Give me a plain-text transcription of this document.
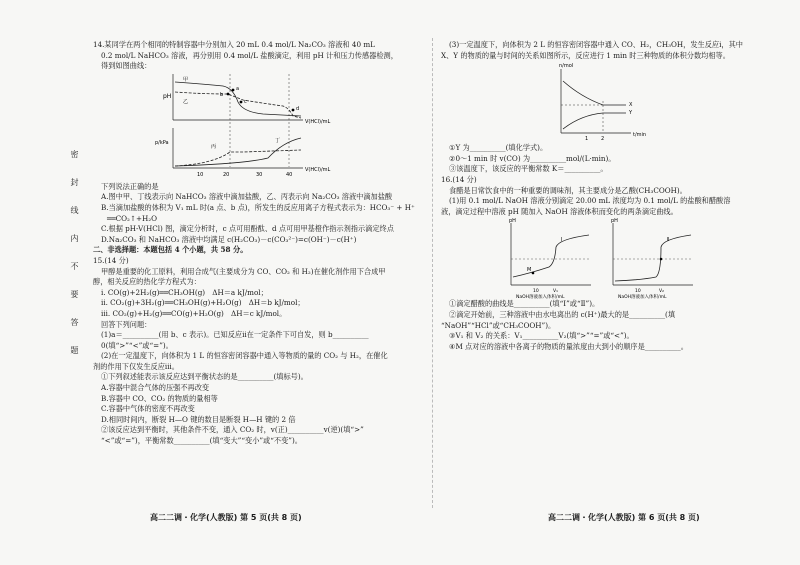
密　封　线　内　不　要　答　题

14.某同学在两个相同的特制容器中分别加入 20 mL 0.4 mol/L Na₂CO₃ 溶液和 40 mL

0.2 mol/L NaHCO₃ 溶液，再分别用 0.4 mol/L 盐酸滴定，利用 pH 计和压力传感器检测，

得到如图曲线：

pH
V(HCl)/mL
甲
乙
a
b
c
d
p/kPa
V(HCl)/mL
丙
丁
10	20	30	40

下列说法正确的是

A.图中甲、丁线表示向 NaHCO₃ 溶液中滴加盐酸，乙、丙表示向 Na₂CO₃ 溶液中滴加盐酸

B.当滴加盐酸的体积为 V₁ mL 时(a 点、b 点)，所发生的反应用离子方程式表示为：HCO₃⁻ + H⁺

══CO₂↑+H₂O

C.根据 pH-V(HCl) 图，滴定分析时，c 点可用酚酞、d 点可用甲基橙作指示剂指示滴定终点

D.Na₂CO₃ 和 NaHCO₃ 溶液中均满足 c(H₂CO₃)－c(CO₃²⁻)=c(OH⁻)－c(H⁺)

二、非选择题：本题包括 4 个小题，共 58 分。

15.(14 分)

甲醇是重要的化工原料，利用合成气(主要成分为 CO、CO₂ 和 H₂)在催化剂作用下合成甲

醇，相关反应的热化学方程式为：

ⅰ. CO(g)+2H₂(g)══CH₃OH(g)　ΔH＝a kJ/mol；

ⅱ. CO₂(g)+3H₂(g)══CH₃OH(g)+H₂O(g)　ΔH＝b kJ/mol；

ⅲ. CO₂(g)+H₂(g)══CO(g)+H₂O(g)　ΔH＝c kJ/mol。

回答下列问题：

(1)a＝__________(用 b、c 表示)。已知反应ⅱ在一定条件下可自发，则 b__________

0(填“>”“<”或“=”)。

(2)在一定温度下，向体积为 1 L 的恒容密闭容器中通入等物质的量的 CO₂ 与 H₂，在催化

剂的作用下仅发生反应ⅲ。

①下列叙述能表示该反应达到平衡状态的是__________(填标号)。

A.容器中混合气体的压强不再改变

B.容器中 CO、CO₂ 的物质的量相等

C.容器中气体的密度不再改变

D.相同时间内，断裂 H—O 键的数目是断裂 H—H 键的 2 倍

②该反应达到平衡时，其他条件不变，通入 CO₂ 时，v(正)__________v(逆)(填“>”

“<”或“=”)，平衡常数__________(填“变大”“变小”或“不变”)。

(3)一定温度下，向体积为 2 L 的恒容密闭容器中通入 CO、H₂，CH₃OH，发生反应ⅰ，其中

X、Y 的物质的量与时间的关系如图所示，反应进行 1 min 时三种物质的体积分数均相等。

n/mol
t/min
X
Y
1	2

①Y 为__________(填化学式)。

②0～1 min 时 v(CO) 为__________mol/(L·min)。

③该温度下，该反应的平衡常数 K＝__________。

16.(14 分)

食醋是日常饮食中的一种重要的调味剂，其主要成分是乙酸(CH₃COOH)。

(1)用 0.1 mol/L NaOH 溶液分别滴定 20.00 mL 浓度均为 0.1 mol/L 的盐酸和醋酸溶

液，滴定过程中溶液 pH 随加入 NaOH 溶液体积而变化的两条滴定曲线。

pH
M
Ⅰ
10	V₁
NaOH溶液加入体积/mL
pH
Ⅱ
10	V₂
NaOH溶液加入体积/mL

①滴定醋酸的曲线是__________(填“Ⅰ”或“Ⅱ”)。

②滴定开始前，三种溶液中由水电离出的 c(H⁺)最大的是__________(填

“NaOH”“HCl”或“CH₃COOH”)。

③V₁ 和 V₂ 的关系：V₁__________V₂(填“>”“=”或“<”)。

④M 点对应的溶液中各离子的物质的量浓度由大到小的顺序是__________。

高二二调・化学(人教版) 第 5 页(共 8 页)	高二二调・化学(人教版) 第 6 页(共 8 页)
